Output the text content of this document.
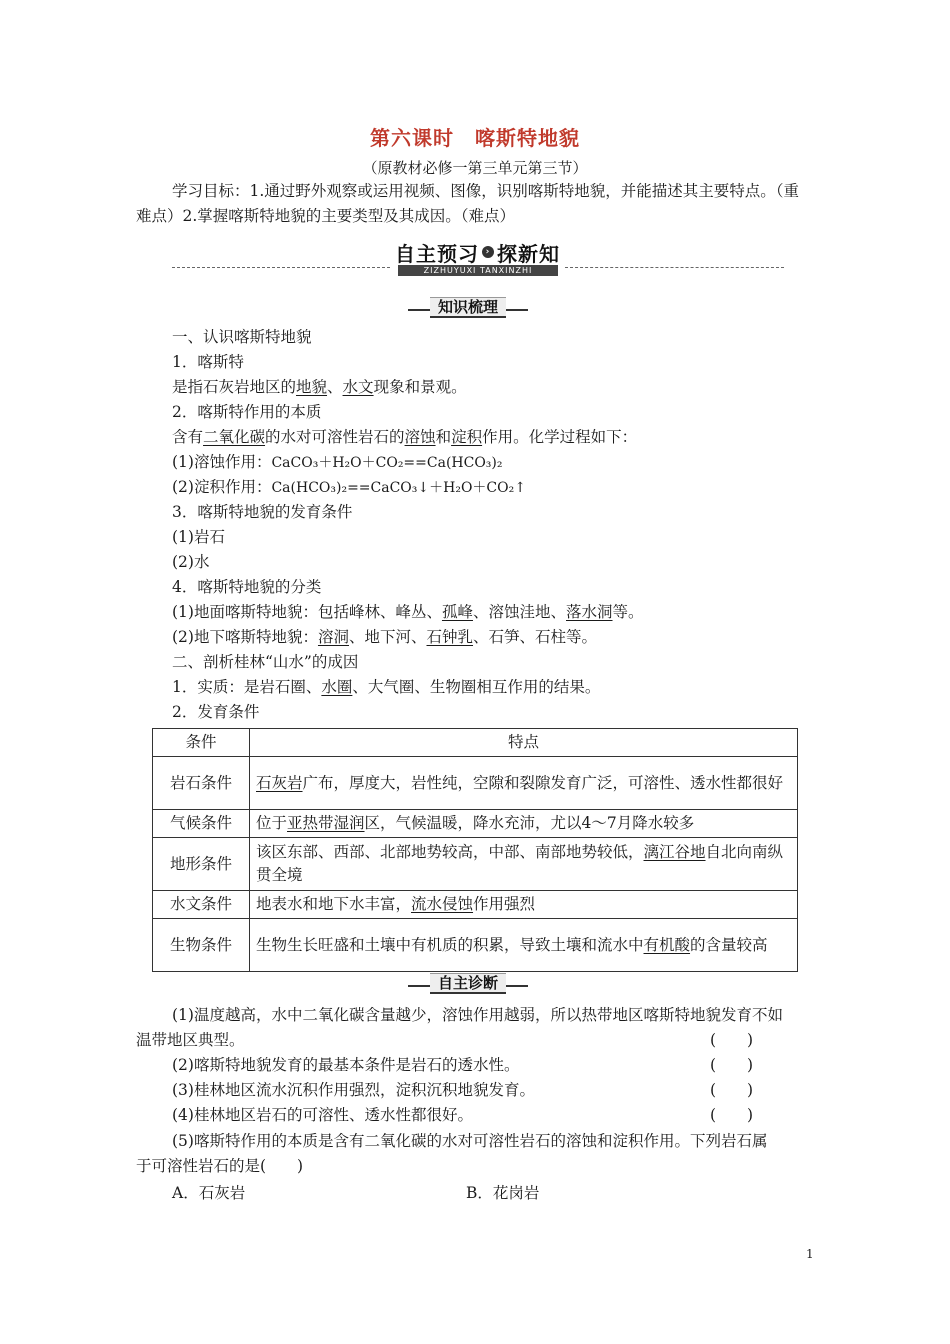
第六课时　喀斯特地貌
（原教材必修一第三单元第三节）
学习目标：1.通过野外观察或运用视频、图像，识别喀斯特地貌，并能描述其主要特点。（重
难点）2.掌握喀斯特地貌的主要类型及其成因。（难点）
自主预习 › 探新知
ZIZHUYUXI TANXINZHI
知识梳理
一、认识喀斯特地貌
1．喀斯特
是指石灰岩地区的地貌、水文现象和景观。
2．喀斯特作用的本质
含有二氧化碳的水对可溶性岩石的溶蚀和淀积作用。化学过程如下：
(1)溶蚀作用：CaCO₃＋H₂O＋CO₂==Ca(HCO₃)₂
(2)淀积作用：Ca(HCO₃)₂==CaCO₃↓＋H₂O＋CO₂↑
3．喀斯特地貌的发育条件
(1)岩石
(2)水
4．喀斯特地貌的分类
(1)地面喀斯特地貌：包括峰林、峰丛、孤峰、溶蚀洼地、落水洞等。
(2)地下喀斯特地貌：溶洞、地下河、石钟乳、石笋、石柱等。
二、剖析桂林“山水”的成因
1．实质：是岩石圈、水圈、大气圈、生物圈相互作用的结果。
2．发育条件
条件	特点
岩石条件	石灰岩广布，厚度大，岩性纯，空隙和裂隙发育广泛，可溶性、透水性都很好
气候条件	位于亚热带湿润区，气候温暖，降水充沛，尤以4～7月降水较多
地形条件	该区东部、西部、北部地势较高，中部、南部地势较低，漓江谷地自北向南纵贯全境
水文条件	地表水和地下水丰富，流水侵蚀作用强烈
生物条件	生物生长旺盛和土壤中有机质的积累，导致土壤和流水中有机酸的含量较高
自主诊断
(1)温度越高，水中二氧化碳含量越少，溶蚀作用越弱，所以热带地区喀斯特地貌发育不如
温带地区典型。	(　　)
(2)喀斯特地貌发育的最基本条件是岩石的透水性。	(　　)
(3)桂林地区流水沉积作用强烈，淀积沉积地貌发育。	(　　)
(4)桂林地区岩石的可溶性、透水性都很好。	(　　)
(5)喀斯特作用的本质是含有二氧化碳的水对可溶性岩石的溶蚀和淀积作用。下列岩石属
于可溶性岩石的是(　　)
A．石灰岩	B．花岗岩
1
